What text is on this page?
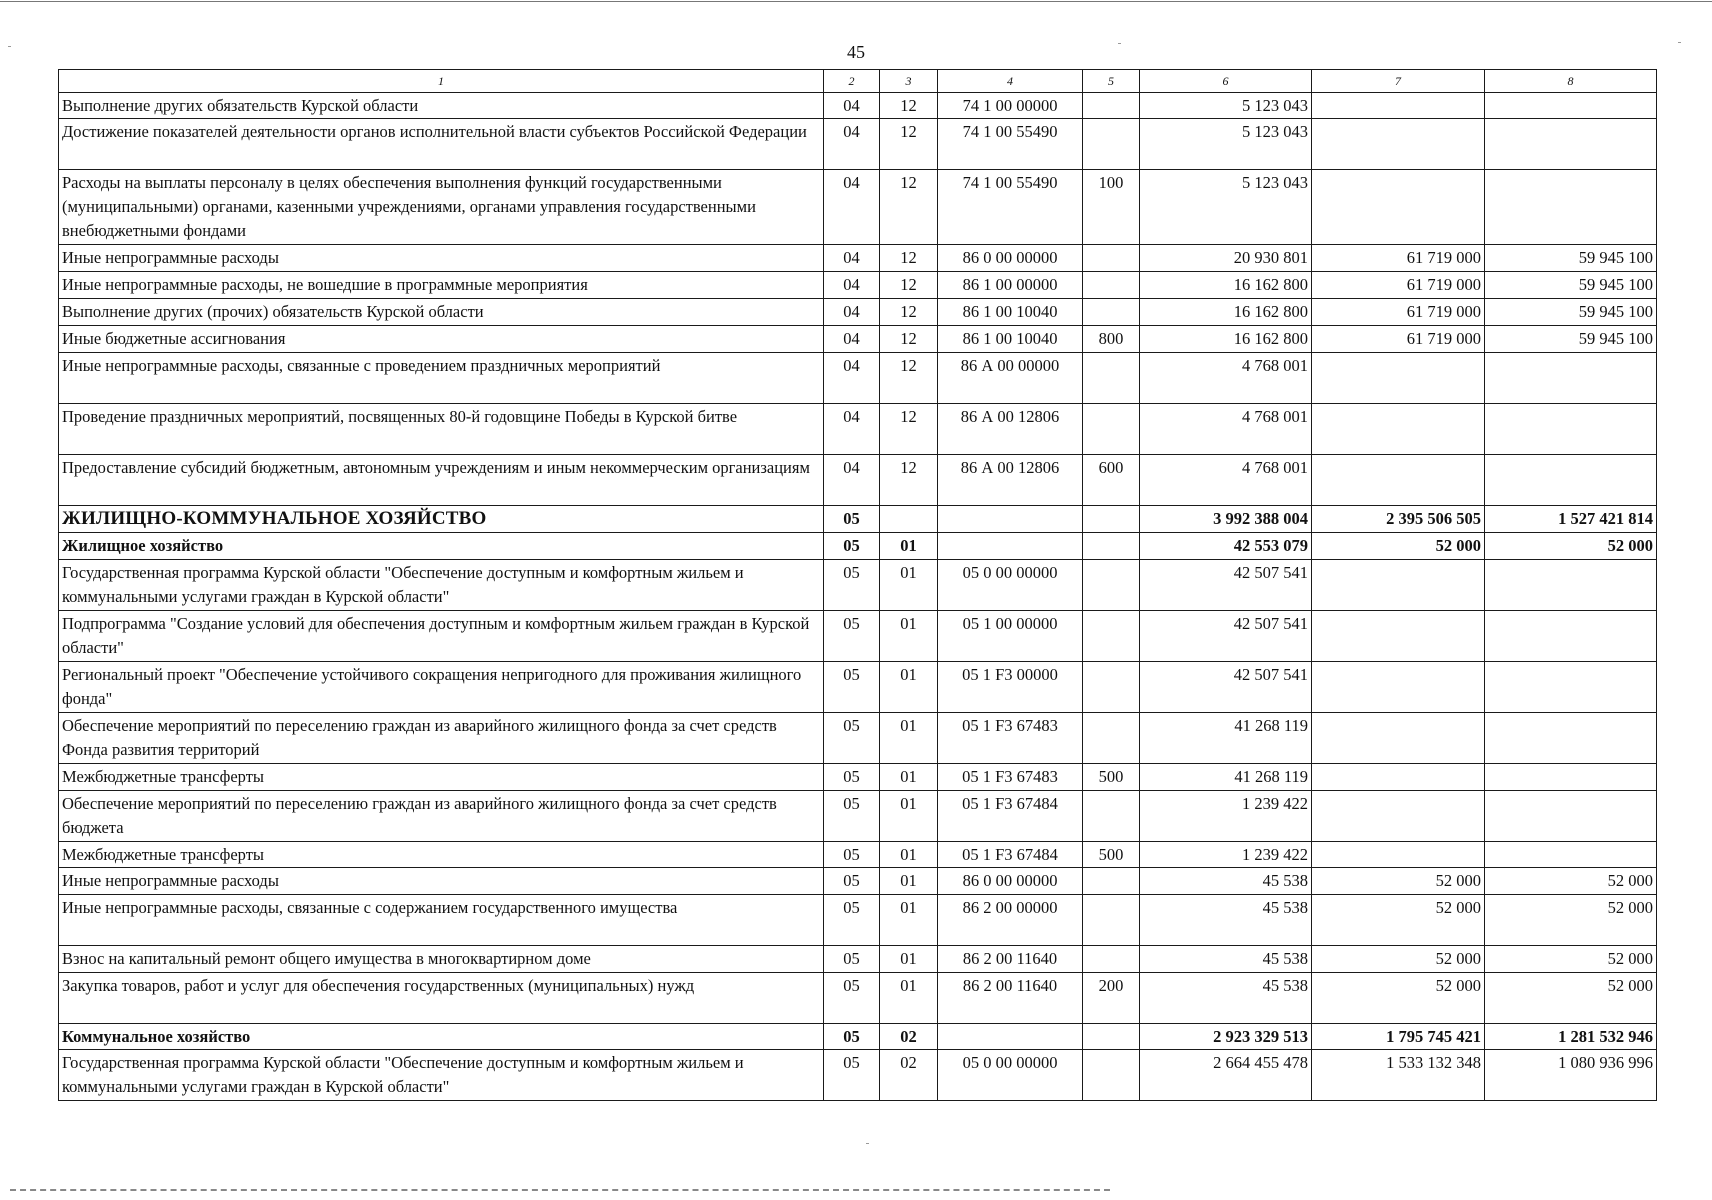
45
1	2	3	4	5	6	7	8
Выполнение других обязательств Курской области	04	12	74 1 00 00000		5 123 043		
Достижение показателей деятельности органов исполнительной власти субъектов Российской Федерации	04	12	74 1 00 55490		5 123 043		
Расходы на выплаты персоналу в целях обеспечения выполнения функций государственными (муниципальными) органами, казенными учреждениями, органами управления государственными внебюджетными фондами	04	12	74 1 00 55490	100	5 123 043		
Иные непрограммные расходы	04	12	86 0 00 00000		20 930 801	61 719 000	59 945 100
Иные непрограммные расходы, не вошедшие в программные мероприятия	04	12	86 1 00 00000		16 162 800	61 719 000	59 945 100
Выполнение других (прочих) обязательств Курской области	04	12	86 1 00 10040		16 162 800	61 719 000	59 945 100
Иные бюджетные ассигнования	04	12	86 1 00 10040	800	16 162 800	61 719 000	59 945 100
Иные непрограммные расходы, связанные с проведением праздничных мероприятий	04	12	86 А 00 00000		4 768 001		
Проведение праздничных мероприятий, посвященных 80-й годовщине Победы в Курской битве	04	12	86 А 00 12806		4 768 001		
Предоставление субсидий бюджетным, автономным учреждениям и иным некоммерческим организациям	04	12	86 А 00 12806	600	4 768 001		
ЖИЛИЩНО-КОММУНАЛЬНОЕ ХОЗЯЙСТВО	05				3 992 388 004	2 395 506 505	1 527 421 814
Жилищное хозяйство	05	01			42 553 079	52 000	52 000
Государственная программа Курской области "Обеспечение доступным и комфортным жильем и коммунальными услугами граждан в Курской области"	05	01	05 0 00 00000		42 507 541		
Подпрограмма "Создание условий для обеспечения доступным и комфортным жильем граждан в Курской области"	05	01	05 1 00 00000		42 507 541		
Региональный проект "Обеспечение устойчивого сокращения непригодного для проживания жилищного фонда"	05	01	05 1 F3 00000		42 507 541		
Обеспечение мероприятий по переселению граждан из аварийного жилищного фонда за счет средств Фонда развития территорий	05	01	05 1 F3 67483		41 268 119		
Межбюджетные трансферты	05	01	05 1 F3 67483	500	41 268 119		
Обеспечение мероприятий по переселению граждан из аварийного жилищного фонда за счет средств бюджета	05	01	05 1 F3 67484		1 239 422		
Межбюджетные трансферты	05	01	05 1 F3 67484	500	1 239 422		
Иные непрограммные расходы	05	01	86 0 00 00000		45 538	52 000	52 000
Иные непрограммные расходы, связанные с содержанием государственного имущества	05	01	86 2 00 00000		45 538	52 000	52 000
Взнос на капитальный ремонт общего имущества в многоквартирном доме	05	01	86 2 00 11640		45 538	52 000	52 000
Закупка товаров, работ и услуг для обеспечения государственных (муниципальных) нужд	05	01	86 2 00 11640	200	45 538	52 000	52 000
Коммунальное хозяйство	05	02			2 923 329 513	1 795 745 421	1 281 532 946
Государственная программа Курской области "Обеспечение доступным и комфортным жильем и коммунальными услугами граждан в Курской области"	05	02	05 0 00 00000		2 664 455 478	1 533 132 348	1 080 936 996
